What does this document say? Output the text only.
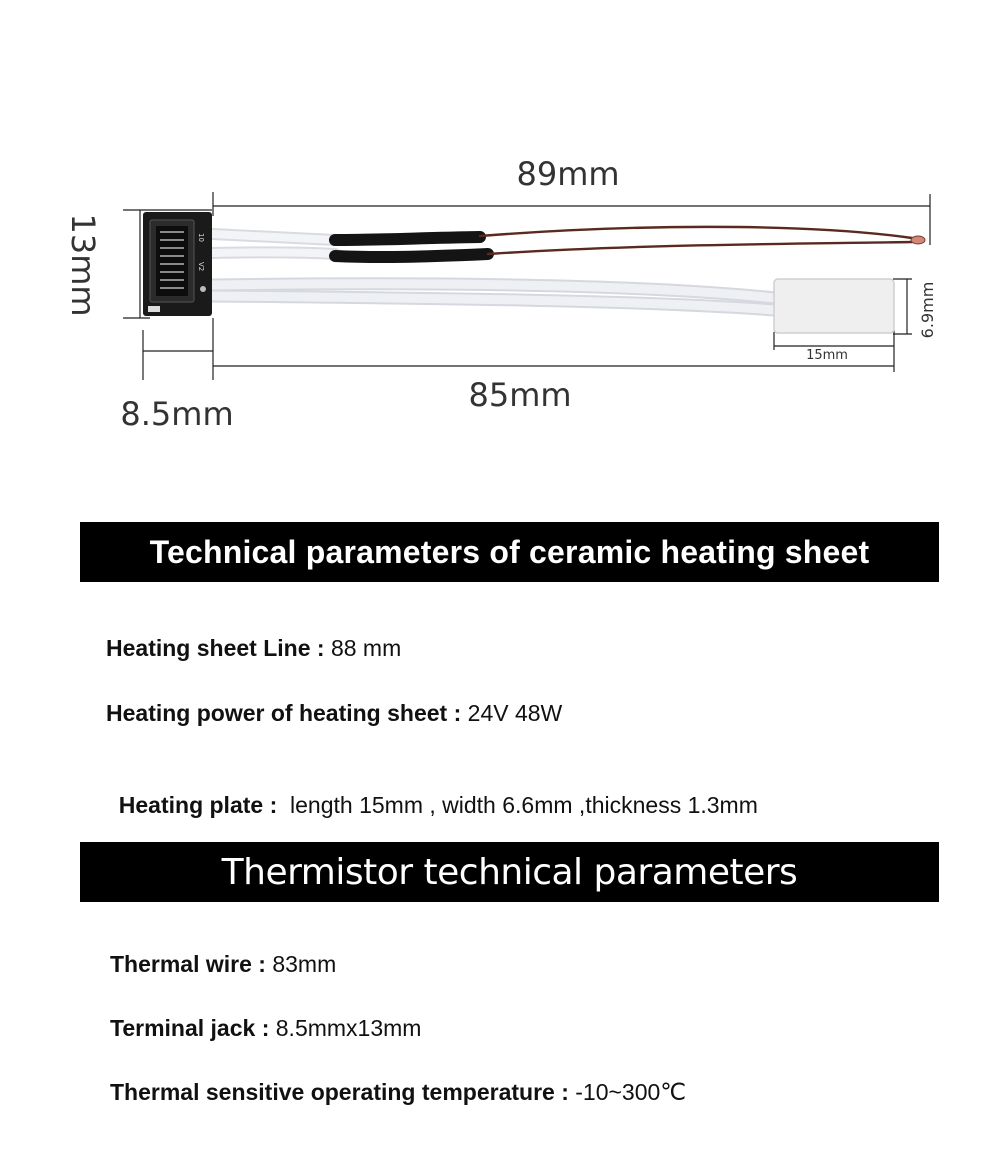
10
V2
89mm
85mm
13mm
8.5mm
6.9mm
15mm
Technical parameters of ceramic heating sheet
Heating sheet Line : 88 mm
Heating power of heating sheet : 24V 48W

Heating plate :  length 15mm , width 6.6mm ,thickness 1.3mm

Thermistor technical parameters
Thermal wire : 83mm
Terminal jack : 8.5mmx13mm
Thermal sensitive operating temperature : -10~300℃
